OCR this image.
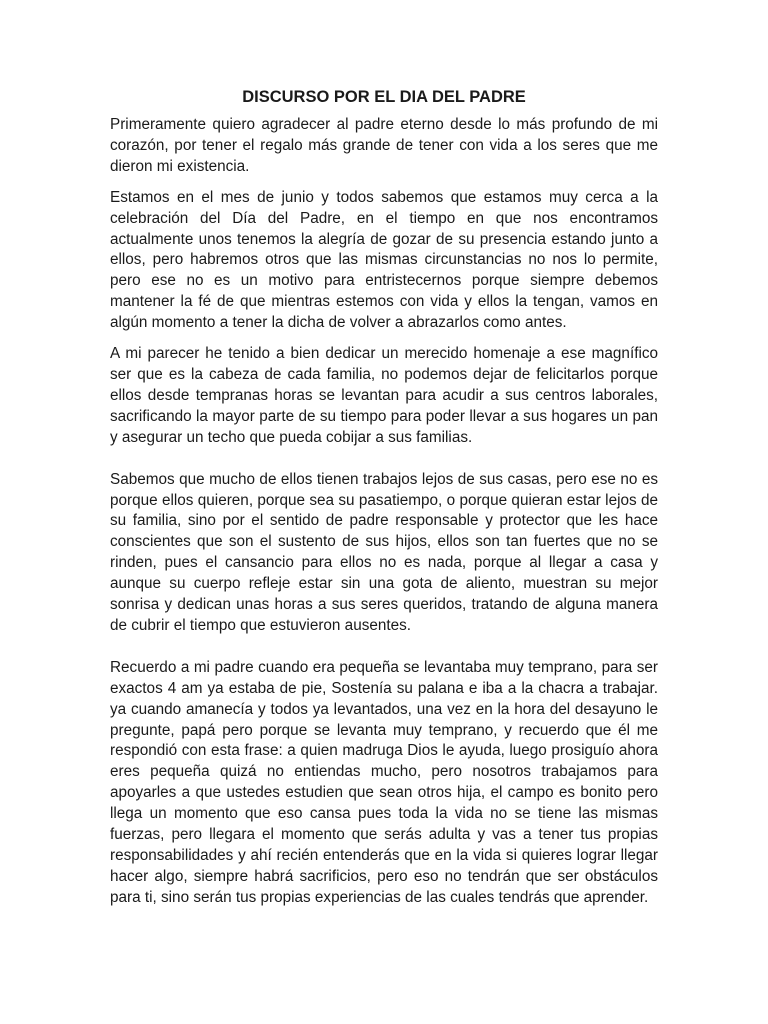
DISCURSO POR EL DIA DEL PADRE

Primeramente quiero agradecer al padre eterno desde lo más profundo de mi corazón, por tener el regalo más grande de tener con vida a los seres que me dieron mi existencia.

Estamos en el mes de junio y todos sabemos que estamos muy cerca a la celebración del Día del Padre, en el tiempo en que nos encontramos actualmente unos tenemos la alegría de gozar de su presencia estando junto a ellos, pero habremos otros que las mismas circunstancias no nos lo permite, pero ese no es un motivo para entristecernos porque siempre debemos mantener la fé de que mientras estemos con vida y ellos la tengan, vamos en algún momento a tener la dicha de volver a abrazarlos como antes.

A mi parecer he tenido a bien dedicar un merecido homenaje a ese magnífico ser que es la cabeza de cada familia, no podemos dejar de felicitarlos porque ellos desde tempranas horas se levantan para acudir a sus centros laborales, sacrificando la mayor parte de su tiempo para poder llevar a sus hogares un pan y asegurar un techo que pueda cobijar a sus familias.

Sabemos que mucho de ellos tienen trabajos lejos de sus casas, pero ese no es porque ellos quieren, porque sea su pasatiempo, o porque quieran estar lejos de su familia, sino por el sentido de padre responsable y protector que les hace conscientes que son el sustento de sus hijos, ellos son tan fuertes que no se rinden, pues el cansancio para ellos no es nada, porque al llegar a casa y aunque su cuerpo refleje estar sin una gota de aliento, muestran su mejor sonrisa y dedican unas horas a sus seres queridos, tratando de alguna manera de cubrir el tiempo que estuvieron ausentes.

Recuerdo a mi padre cuando era pequeña se levantaba muy temprano, para ser exactos 4 am ya estaba de pie, Sostenía su palana e iba a la chacra a trabajar. ya cuando amanecía y todos ya levantados, una vez en la hora del desayuno le pregunte, papá pero porque se levanta muy temprano, y recuerdo que él me respondió con esta frase: a quien madruga Dios le ayuda, luego prosiguío ahora eres pequeña quizá no entiendas mucho, pero nosotros trabajamos para apoyarles a que ustedes estudien que sean otros hija, el campo es bonito pero llega un momento que eso cansa pues toda la vida no se tiene las mismas fuerzas, pero llegara el momento que serás adulta y vas a tener tus propias responsabilidades y ahí recién entenderás que en la vida si quieres lograr llegar hacer algo, siempre habrá sacrificios, pero eso no tendrán que ser obstáculos para ti, sino serán tus propias experiencias de las cuales tendrás que aprender.
